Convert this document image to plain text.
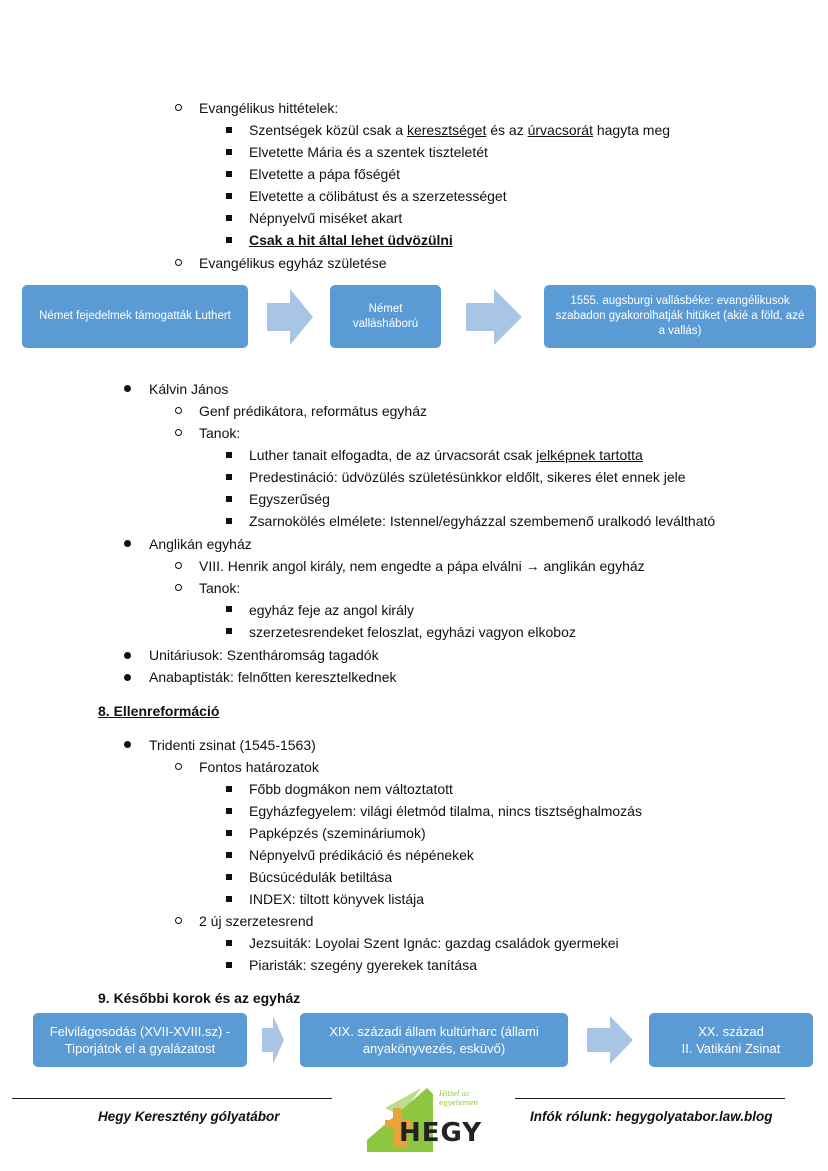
Evangélikus hittételek:
Szentségek közül csak a keresztséget és az úrvacsorát hagyta meg
Elvetette Mária és a szentek tiszteletét
Elvetette a pápa főségét
Elvetette a cölibátust és a szerzetességet
Népnyelvű miséket akart
Csak a hit által lehet üdvözülni
Evangélikus egyház születése
Német fejedelmek támogatták Luthert
Német vallásháború
1555. augsburgi vallásbéke: evangélikusok szabadon gyakorolhatják hitüket (akié a föld, azé a vallás)
Kálvin János
Genf prédikátora, református egyház
Tanok:
Luther tanait elfogadta, de az úrvacsorát csak jelképnek tartotta
Predestináció: üdvözülés születésünkkor eldőlt, sikeres élet ennek jele
Egyszerűség
Zsarnokölés elmélete: Istennel/egyházzal szembemenő uralkodó leváltható
Anglikán egyház
VIII. Henrik angol király, nem engedte a pápa elválni → anglikán egyház
Tanok:
egyház feje az angol király
szerzetesrendeket feloszlat, egyházi vagyon elkoboz
Unitáriusok: Szentháromság tagadók
Anabaptisták: felnőtten keresztelkednek
8. Ellenreformáció
Tridenti zsinat (1545-1563)
Fontos határozatok
Főbb dogmákon nem változtatott
Egyházfegyelem: világi életmód tilalma, nincs tisztséghalmozás
Papképzés (szemináriumok)
Népnyelvű prédikáció és népénekek
Búcsúcédulák betiltása
INDEX: tiltott könyvek listája
2 új szerzetesrend
Jezsuiták: Loyolai Szent Ignác: gazdag családok gyermekei
Piaristák: szegény gyerekek tanítása
9. Későbbi korok és az egyház
Felvilágosodás (XVII-XVIII.sz) - Tiporjátok el a gyalázatost
XIX. századi állam kultúrharc (állami anyakönyvezés, esküvő)
XX. század
II. Vatikáni Zsinat
Hegy Keresztény gólyatábor	Infók rólunk: hegygolyatabor.law.blog
HEGY
Hittel az egyetemen
